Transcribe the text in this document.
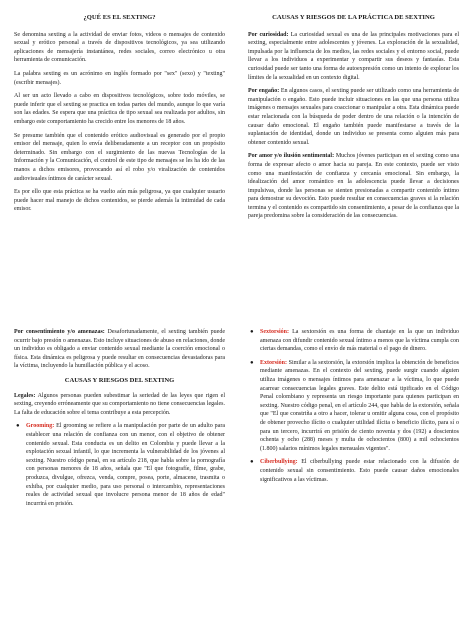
¿QUÉ ES EL SEXTING?

Se denomina sexting a la actividad de enviar fotos, videos o mensajes de contenido sexual y erótico personal a través de dispositivos tecnológicos, ya sea utilizando aplicaciones de mensajería instantánea, redes sociales, correo electrónico u otra herramienta de comunicación.

La palabra sexting es un acrónimo en inglés formado por "sex" (sexo) y "texting" (escribir mensajes).

Al ser un acto llevado a cabo en dispositivos tecnológicos, sobre todo móviles, se puede inferir que el sexting se practica en todas partes del mundo, aunque lo que varía son las edades. Se espera que una práctica de tipo sexual sea realizada por adultos, sin embargo este comportamiento ha crecido entre los menores de 18 años.

Se presume también que el contenido erótico audiovisual es generado por el propio emisor del mensaje, quien lo envía deliberadamente a un receptor con un propósito determinado. Sin embargo con el surgimiento de las nuevas Tecnologías de la Información y la Comunicación, el control de este tipo de mensajes se les ha ido de las manos a dichos emisores, provocando así el robo y/o viralización de contenidos audiovisuales íntimos de carácter sexual.

Es por ello que esta práctica se ha vuelto aún más peligrosa, ya que cualquier usuario puede hacer mal manejo de dichos contenidos, se pierde además la intimidad de cada emisor.

CAUSAS Y RIESGOS DE LA PRÁCTICA DE SEXTING

Por curiosidad: La curiosidad sexual es una de las principales motivaciones para el sexting, especialmente entre adolescentes y jóvenes. La exploración de la sexualidad, impulsada por la influencia de los medios, las redes sociales y el entorno social, puede llevar a los individuos a experimentar y compartir sus deseos y fantasías. Esta curiosidad puede ser tanto una forma de autoexpresión como un intento de explorar los límites de la sexualidad en un contexto digital.

Por engaño: En algunos casos, el sexting puede ser utilizado como una herramienta de manipulación o engaño. Esto puede incluir situaciones en las que una persona utiliza imágenes o mensajes sexuales para coaccionar o manipular a otra. Esta dinámica puede estar relacionada con la búsqueda de poder dentro de una relación o la intención de causar daño emocional. El engaño también puede manifestarse a través de la suplantación de identidad, donde un individuo se presenta como alguien más para obtener contenido sexual.

Por amor y/o ilusión sentimental: Muchos jóvenes participan en el sexting como una forma de expresar afecto o amor hacia su pareja. En este contexto, puede ser visto como una manifestación de confianza y cercanía emocional. Sin embargo, la idealización del amor romántico en la adolescencia puede llevar a decisiones impulsivas, donde las personas se sienten presionadas a compartir contenido íntimo para demostrar su devoción. Esto puede resultar en consecuencias graves si la relación termina y el contenido es compartido sin consentimiento, a pesar de la confianza que la pareja predomina sobre la consideración de las consecuencias.

Por consentimiento y/o amenazas: Desafortunadamente, el sexting también puede ocurrir bajo presión o amenazas. Esto incluye situaciones de abuso en relaciones, donde un individuo es obligado a enviar contenido sexual mediante la coerción emocional o física. Esta dinámica es peligrosa y puede resultar en consecuencias devastadoras para la víctima, incluyendo la humillación pública y el acoso.

CAUSAS Y RIESGOS DEL SEXTING

Legales: Algunos personas pueden subestimar la seriedad de las leyes que rigen el sexting, creyendo erróneamente que su comportamiento no tiene consecuencias legales. La falta de educación sobre el tema contribuye a esta percepción.

● Grooming: El grooming se refiere a la manipulación por parte de un adulto para establecer una relación de confianza con un menor, con el objetivo de obtener contenido sexual. Esta conducta es un delito en Colombia y puede llevar a la explotación sexual infantil, lo que incrementa la vulnerabilidad de los jóvenes al sexting. Nuestro código penal, en su artículo 218, que habla sobre la pornografía con personas menores de 18 años, señala que "El que fotografíe, filme, grabe, produzca, divulgue, ofrezca, venda, compre, posea, porte, almacene, trasmita o exhiba, por cualquier medio, para uso personal o intercambio, representaciones reales de actividad sexual que involucre persona menor de 18 años de edad" incurrirá en prisión.
● Sextorsión: La sextorsión es una forma de chantaje en la que un individuo amenaza con difundir contenido sexual íntimo a menos que la víctima cumpla con ciertas demandas, como el envío de más material o el pago de dinero.
● Extorsión: Similar a la sextorsión, la extorsión implica la obtención de beneficios mediante amenazas. En el contexto del sexting, puede surgir cuando alguien utiliza imágenes o mensajes íntimos para amenazar a la víctima, lo que puede acarrear consecuencias legales graves. Este delito está tipificado en el Código Penal colombiano y representa un riesgo importante para quienes participan en sexting. Nuestro código penal, en el artículo 244, que habla de la extorsión, señala que "El que constriña a otro a hacer, tolerar u omitir alguna cosa, con el propósito de obtener provecho ilícito o cualquier utilidad ilícita o beneficio ilícito, para sí o para un tercero, incurrirá en prisión de ciento noventa y dos (192) a doscientos ochenta y ocho (288) meses y multa de ochocientos (800) a mil ochocientos (1.800) salarios mínimos legales mensuales vigentes".
● Ciberbullying: El ciberbullying puede estar relacionado con la difusión de contenido sexual sin consentimiento. Esto puede causar daños emocionales significativos a las víctimas.
